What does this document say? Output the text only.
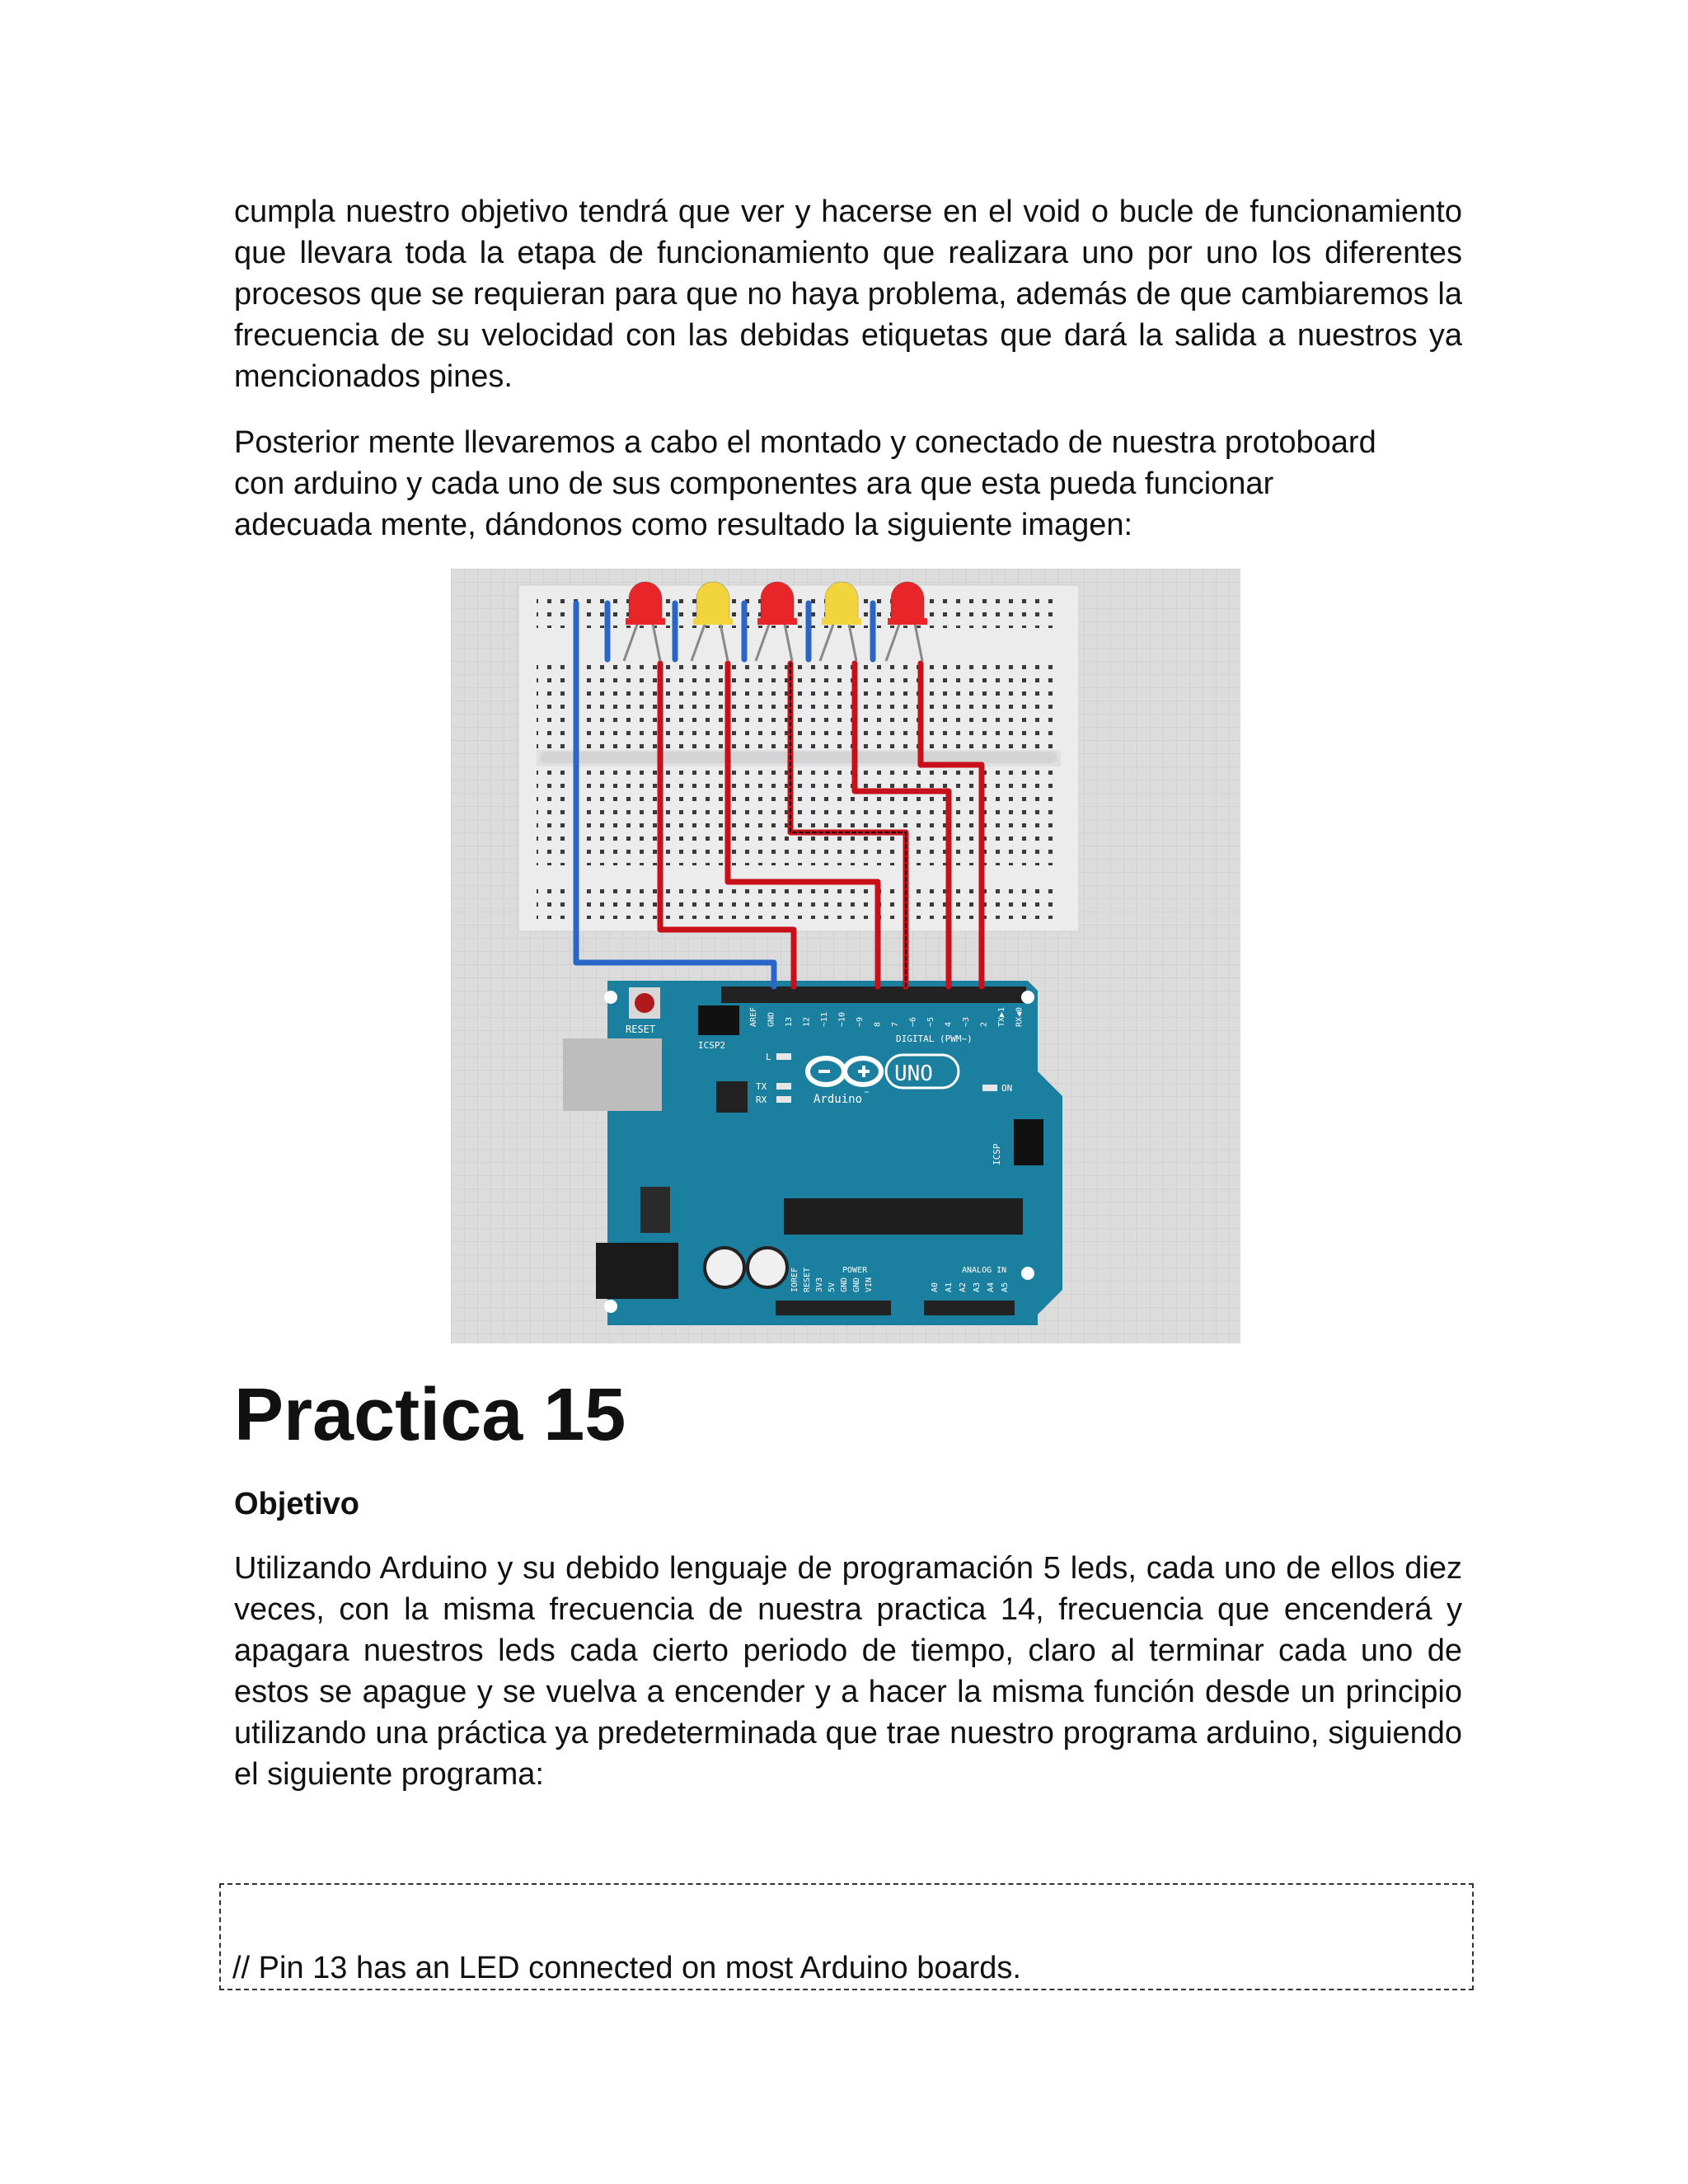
cumpla nuestro objetivo tendrá que ver y hacerse en el void o bucle de funcionamiento que llevara toda la etapa de funcionamiento que realizara uno por uno los diferentes procesos que se requieran para que no haya problema, además de que cambiaremos la frecuencia de su velocidad con las debidas etiquetas que dará la salida a nuestros ya mencionados pines.
Posterior mente llevaremos a cabo el montado y conectado de nuestra protoboard
con arduino y cada uno de sus componentes ara que esta pueda funcionar
adecuada mente, dándonos como resultado la siguiente imagen:
RESET
ICSP2
DIGITAL (PWM~)
L
TX
RX
UNO
Arduino ™
ON
ICSP
POWER	ANALOG IN
AREF GND 13 12 ~11 ~10 ~9 8 7 ~6 ~5 4 ~3 2 TX▶1 RX◀0
IOREF RESET 3V3 5V GND GND VIN	A0 A1 A2 A3 A4 A5
Practica 15
Objetivo
Utilizando Arduino y su debido lenguaje de programación 5 leds, cada uno de ellos diez veces, con la misma frecuencia de nuestra practica 14, frecuencia que encenderá y apagara nuestros leds cada cierto periodo de tiempo, claro al terminar cada uno de estos se apague y se vuelva a encender y a hacer la misma función desde un principio utilizando una práctica ya predeterminada que trae nuestro programa arduino, siguiendo el siguiente programa:

// Pin 13 has an LED connected on most Arduino boards.
